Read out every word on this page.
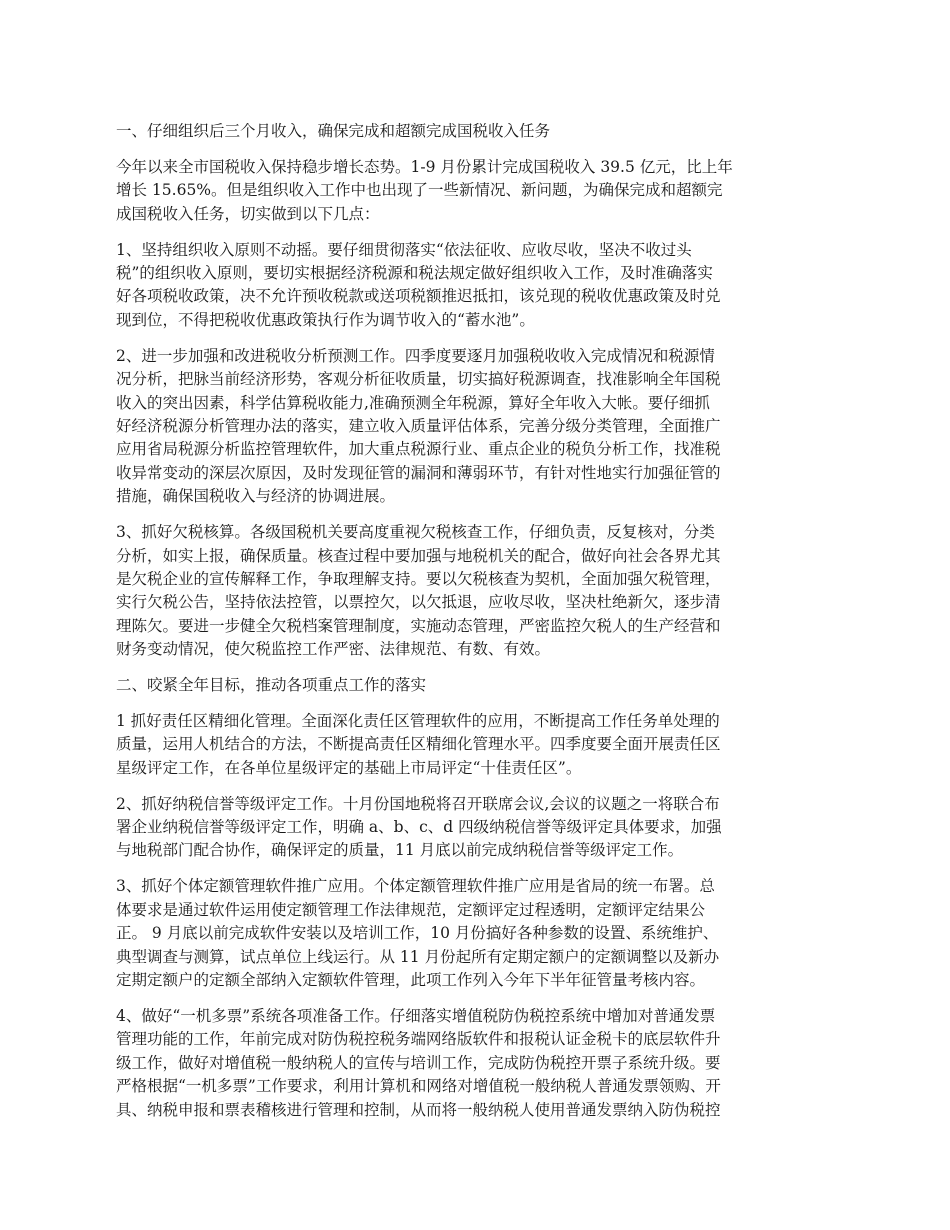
一、仔细组织后三个月收入，确保完成和超额完成国税收入任务
今年以来全市国税收入保持稳步增长态势。1-9 月份累计完成国税收入 39.5 亿元，比上年
增长 15.65%。但是组织收入工作中也出现了一些新情况、新问题，为确保完成和超额完
成国税收入任务，切实做到以下几点：
1、坚持组织收入原则不动摇。要仔细贯彻落实“依法征收、应收尽收，坚决不收过头
税”的组织收入原则，要切实根据经济税源和税法规定做好组织收入工作，及时准确落实
好各项税收政策，决不允许预收税款或送项税额推迟抵扣，该兑现的税收优惠政策及时兑
现到位，不得把税收优惠政策执行作为调节收入的“蓄水池”。
2、进一步加强和改进税收分析预测工作。四季度要逐月加强税收收入完成情况和税源情
况分析，把脉当前经济形势，客观分析征收质量，切实搞好税源调查，找准影响全年国税
收入的突出因素，科学估算税收能力,准确预测全年税源，算好全年收入大帐。要仔细抓
好经济税源分析管理办法的落实，建立收入质量评估体系，完善分级分类管理，全面推广
应用省局税源分析监控管理软件，加大重点税源行业、重点企业的税负分析工作，找准税
收异常变动的深层次原因，及时发现征管的漏洞和薄弱环节，有针对性地实行加强征管的
措施，确保国税收入与经济的协调进展。
3、抓好欠税核算。各级国税机关要高度重视欠税核查工作，仔细负责，反复核对，分类
分析，如实上报，确保质量。核查过程中要加强与地税机关的配合，做好向社会各界尤其
是欠税企业的宣传解释工作，争取理解支持。要以欠税核查为契机，全面加强欠税管理，
实行欠税公告，坚持依法控管，以票控欠，以欠抵退，应收尽收，坚决杜绝新欠，逐步清
理陈欠。要进一步健全欠税档案管理制度，实施动态管理，严密监控欠税人的生产经营和
财务变动情况，使欠税监控工作严密、法律规范、有数、有效。
二、咬紧全年目标，推动各项重点工作的落实
1 抓好责任区精细化管理。全面深化责任区管理软件的应用，不断提高工作任务单处理的
质量，运用人机结合的方法，不断提高责任区精细化管理水平。四季度要全面开展责任区
星级评定工作，在各单位星级评定的基础上市局评定“十佳责任区”。
2、抓好纳税信誉等级评定工作。十月份国地税将召开联席会议,会议的议题之一将联合布
署企业纳税信誉等级评定工作，明确 a、b、c、d 四级纳税信誉等级评定具体要求，加强
与地税部门配合协作，确保评定的质量，11 月底以前完成纳税信誉等级评定工作。
3、抓好个体定额管理软件推广应用。个体定额管理软件推广应用是省局的统一布署。总
体要求是通过软件运用使定额管理工作法律规范，定额评定过程透明，定额评定结果公
正。 9 月底以前完成软件安装以及培训工作，10 月份搞好各种参数的设置、系统维护、
典型调查与测算，试点单位上线运行。从 11 月份起所有定期定额户的定额调整以及新办
定期定额户的定额全部纳入定额软件管理，此项工作列入今年下半年征管量考核内容。
4、做好“一机多票”系统各项准备工作。仔细落实增值税防伪税控系统中增加对普通发票
管理功能的工作，年前完成对防伪税控税务端网络版软件和报税认证金税卡的底层软件升
级工作，做好对增值税一般纳税人的宣传与培训工作，完成防伪税控开票子系统升级。要
严格根据“一机多票”工作要求，利用计算机和网络对增值税一般纳税人普通发票领购、开
具、纳税申报和票表稽核进行管理和控制，从而将一般纳税人使用普通发票纳入防伪税控
